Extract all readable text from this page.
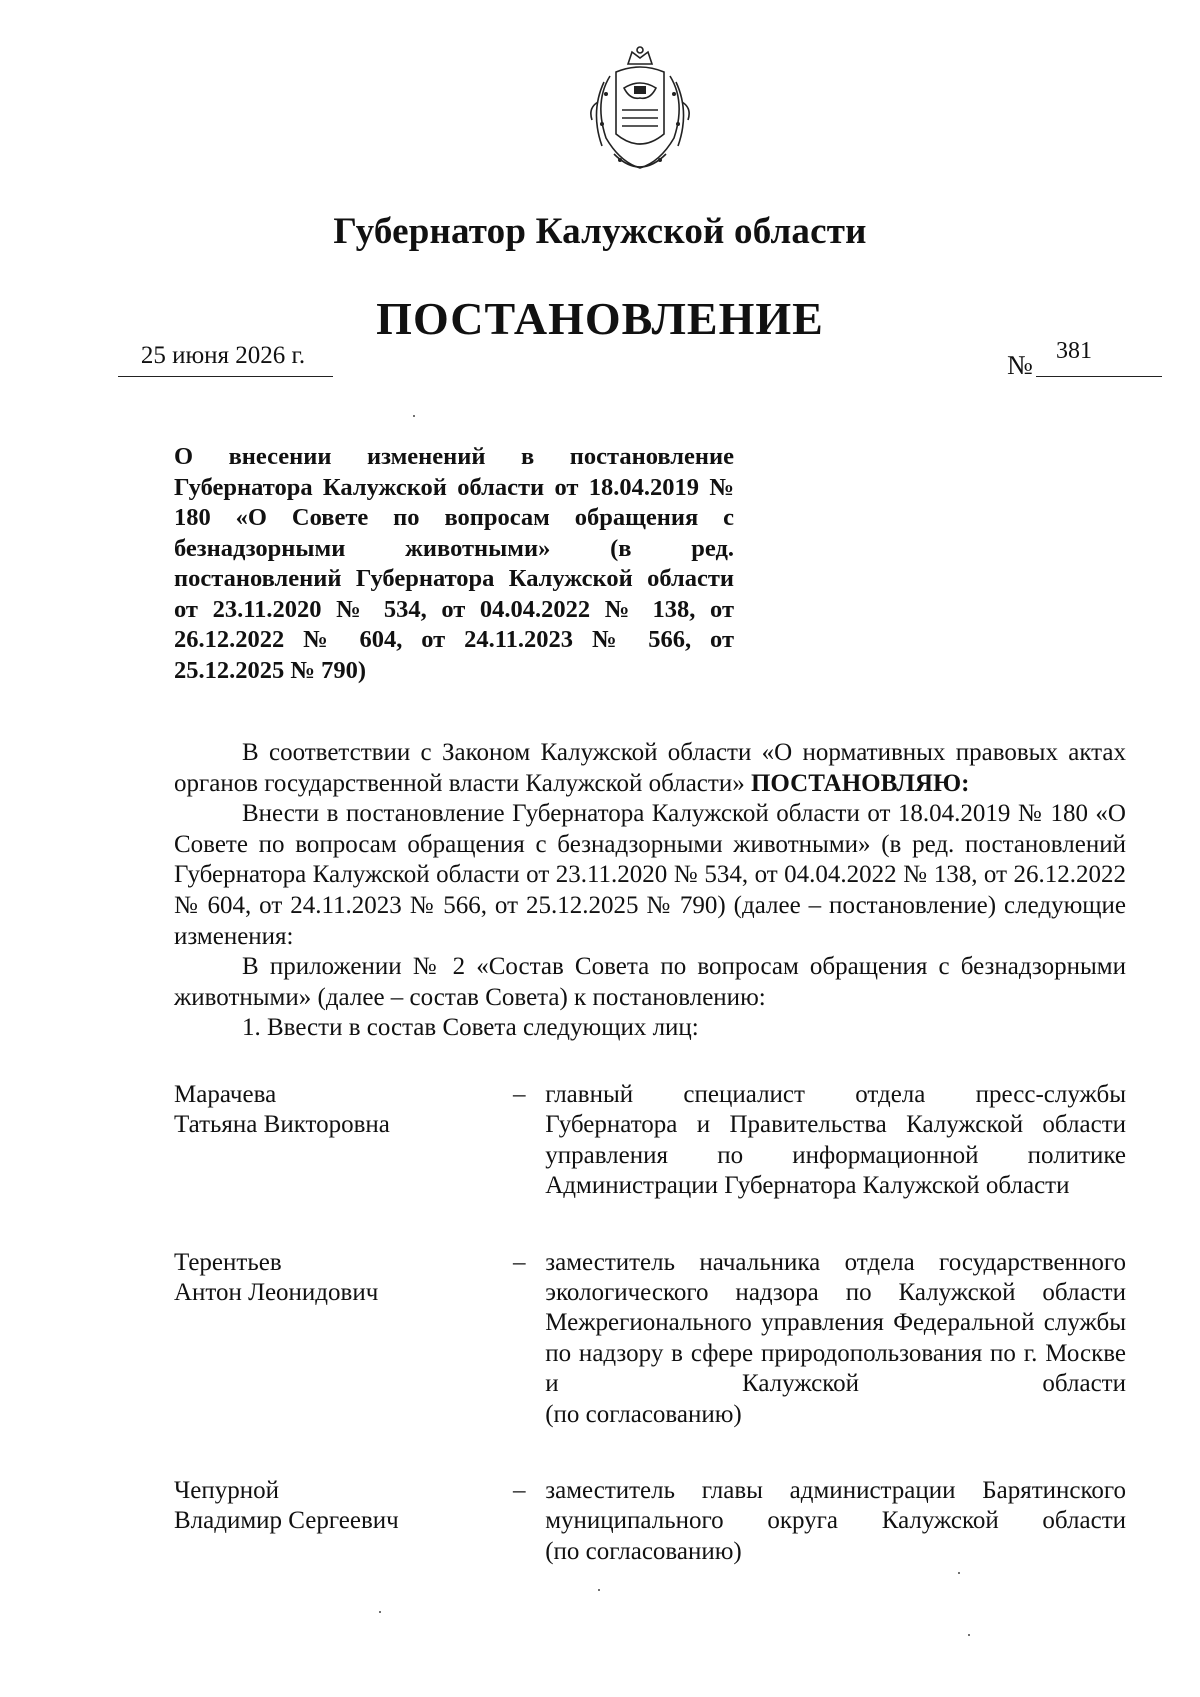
Губернатор Калужской области
ПОСТАНОВЛЕНИЕ
25 июня 2026 г.	№ 381
О внесении изменений в постановление Губернатора Калужской области от 18.04.2019 № 180 «О Совете по вопросам обращения с безнадзорными животными» (в ред. постановлений Губернатора Калужской области от 23.11.2020 № 534, от 04.04.2022 № 138, от 26.12.2022 № 604, от 24.11.2023 № 566, от 25.12.2025 № 790)

В соответствии с Законом Калужской области «О нормативных правовых актах органов государственной власти Калужской области» ПОСТАНОВЛЯЮ:

Внести в постановление Губернатора Калужской области от 18.04.2019 № 180 «О Совете по вопросам обращения с безнадзорными животными» (в ред. постановлений Губернатора Калужской области от 23.11.2020 № 534, от 04.04.2022 № 138, от 26.12.2022 № 604, от 24.11.2023 № 566, от 25.12.2025 № 790) (далее – постановление) следующие изменения:

В приложении № 2 «Состав Совета по вопросам обращения с безнадзорными животными» (далее – состав Совета) к постановлению:

1. Ввести в состав Совета следующих лиц:

Марачева
Татьяна Викторовна
– главный специалист отдела пресс-службы Губернатора и Правительства Калужской области управления по информационной политике
Администрации Губернатора Калужской области
Терентьев
Антон Леонидович
– заместитель начальника отдела государственного экологического надзора по Калужской области Межрегионального управления Федеральной службы по надзору в сфере природопользования по г. Москве и Калужской области
(по согласованию)
Чепурной
Владимир Сергеевич
– заместитель главы администрации Барятинского муниципального округа Калужской области
(по согласованию)
